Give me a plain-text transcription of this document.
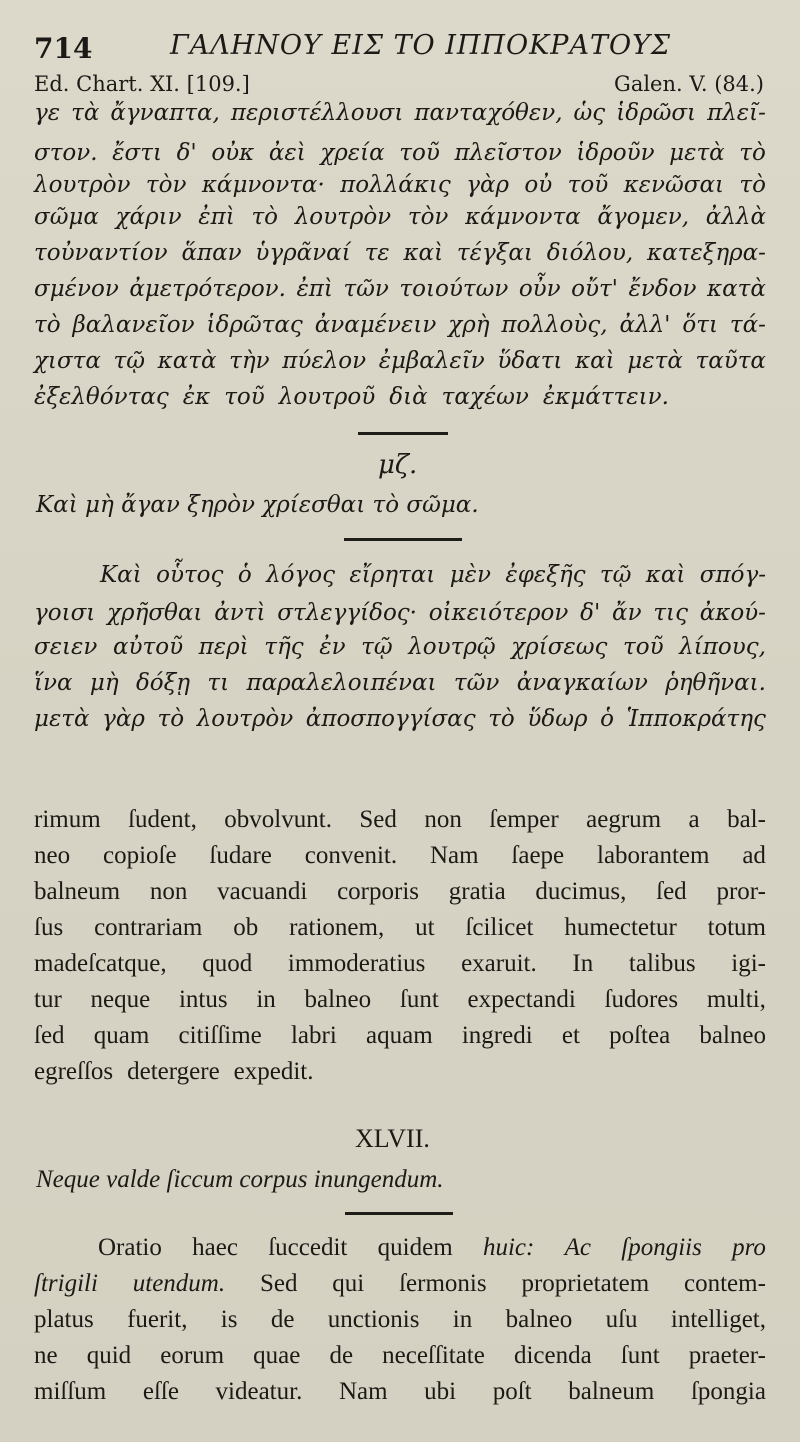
714	ΓΑΛΗΝΟΥ ΕΙΣ ΤΟ ΙΠΠΟΚΡΑΤΟΥΣ
Ed. Chart. XI. [109.]	Galen. V. (84.)
γε τὰ ἄγναπτα, περιστέλλουσι πανταχόθεν, ὡς ἱδρῶσι πλεῖ-
στον. ἔστι δ' οὐκ ἀεὶ χρεία τοῦ πλεῖστον ἱδροῦν μετὰ τὸ
λουτρὸν τὸν κάμνοντα· πολλάκις γὰρ οὐ τοῦ κενῶσαι τὸ
σῶμα χάριν ἐπὶ τὸ λουτρὸν τὸν κάμνοντα ἄγομεν, ἀλλὰ
τοὐναντίον ἅπαν ὑγρᾶναί τε καὶ τέγξαι διόλου, κατεξηρα-
σμένον ἀμετρότερον. ἐπὶ τῶν τοιούτων οὖν οὔτ' ἔνδον κατὰ
τὸ βαλανεῖον ἱδρῶτας ἀναμένειν χρὴ πολλοὺς, ἀλλ' ὅτι τά-
χιστα τῷ κατὰ τὴν πύελον ἐμβαλεῖν ὕδατι καὶ μετὰ ταῦτα
ἐξελθόντας ἐκ τοῦ λουτροῦ διὰ ταχέων ἐκμάττειν.
μζ.
Καὶ μὴ ἄγαν ξηρὸν χρίεσθαι τὸ σῶμα.
Καὶ οὗτος ὁ λόγος εἴρηται μὲν ἐφεξῆς τῷ καὶ σπόγ-
γοισι χρῆσθαι ἀντὶ στλεγγίδος· οἰκειότερον δ' ἄν τις ἀκού-
σειεν αὐτοῦ περὶ τῆς ἐν τῷ λουτρῷ χρίσεως τοῦ λίπους,
ἵνα μὴ δόξῃ τι παραλελοιπέναι τῶν ἀναγκαίων ῥηθῆναι.
μετὰ γὰρ τὸ λουτρὸν ἀποσπογγίσας τὸ ὕδωρ ὁ Ἱπποκράτης
rimum ſudent, obvolvunt. Sed non ſemper aegrum a bal-
neo copioſe ſudare convenit. Nam ſaepe laborantem ad
balneum non vacuandi corporis gratia ducimus, ſed pror-
ſus contrariam ob rationem, ut ſcilicet humectetur totum
madeſcatque, quod immoderatius exaruit. In talibus igi-
tur neque intus in balneo ſunt expectandi ſudores multi,
ſed quam citiſſime labri aquam ingredi et poſtea balneo
egreſſos detergere expedit.
XLVII.
Neque valde ſiccum corpus inungendum.
Oratio haec ſuccedit quidem huic: Ac ſpongiis pro
ſtrigili utendum. Sed qui ſermonis proprietatem contem-
platus fuerit, is de unctionis in balneo uſu intelliget,
ne quid eorum quae de neceſſitate dicenda ſunt praeter-
miſſum eſſe videatur. Nam ubi poſt balneum ſpongia
